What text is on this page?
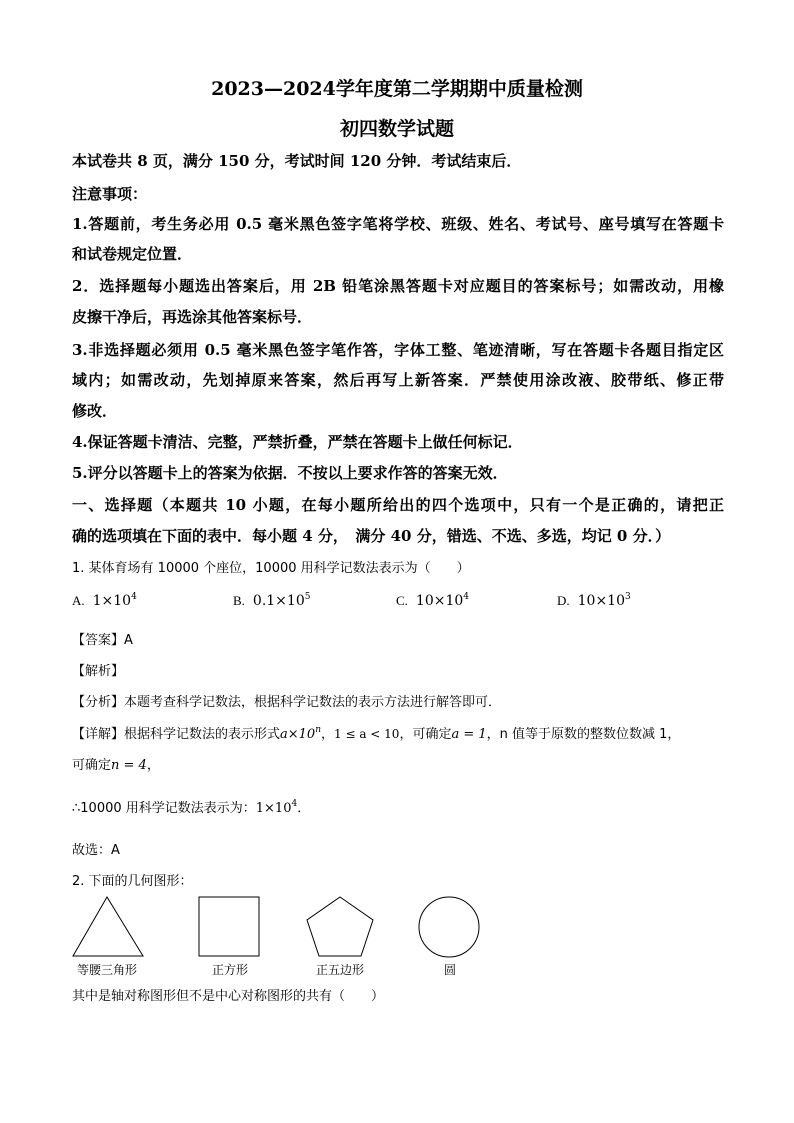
2023—2024学年度第二学期期中质量检测
初四数学试题
本试卷共 8 页，满分 150 分，考试时间 120 分钟．考试结束后．
注意事项：
1.答题前，考生务必用 0.5 毫米黑色签字笔将学校、班级、姓名、考试号、座号填写在答题卡
和试卷规定位置．
2．选择题每小题选出答案后，用 2B 铅笔涂黑答题卡对应题目的答案标号；如需改动，用橡
皮擦干净后，再选涂其他答案标号．
3.非选择题必须用 0.5 毫米黑色签字笔作答，字体工整、笔迹清晰，写在答题卡各题目指定区
域内；如需改动，先划掉原来答案，然后再写上新答案．严禁使用涂改液、胶带纸、修正带
修改．
4.保证答题卡清洁、完整，严禁折叠，严禁在答题卡上做任何标记．
5.评分以答题卡上的答案为依据．不按以上要求作答的答案无效．
一、选择题（本题共 10 小题，在每小题所给出的四个选项中，只有一个是正确的，请把正
确的选项填在下面的表中．每小题 4 分，　满分 40 分，错选、不选、多选，均记 0 分．）
1. 某体育场有 10000 个座位，10000 用科学记数法表示为（　　）
A. $1\times 10^4$	B. $0.1\times 10^5$	C. $10\times 10^4$	D. $10\times 10^3$
【答案】A
【解析】
【分析】本题考查科学记数法，根据科学记数法的表示方法进行解答即可．
【详解】根据科学记数法的表示形式$a\times 10^n$，1 ≤ a < 10，可确定a = 1，n 值等于原数的整数位数减 1，
可确定n = 4，
∴10000 用科学记数法表示为：$1\times 10^4$．
故选：A
2. 下面的几何图形：
等腰三角形	正方形	正五边形	圆
其中是轴对称图形但不是中心对称图形的共有（　　）
